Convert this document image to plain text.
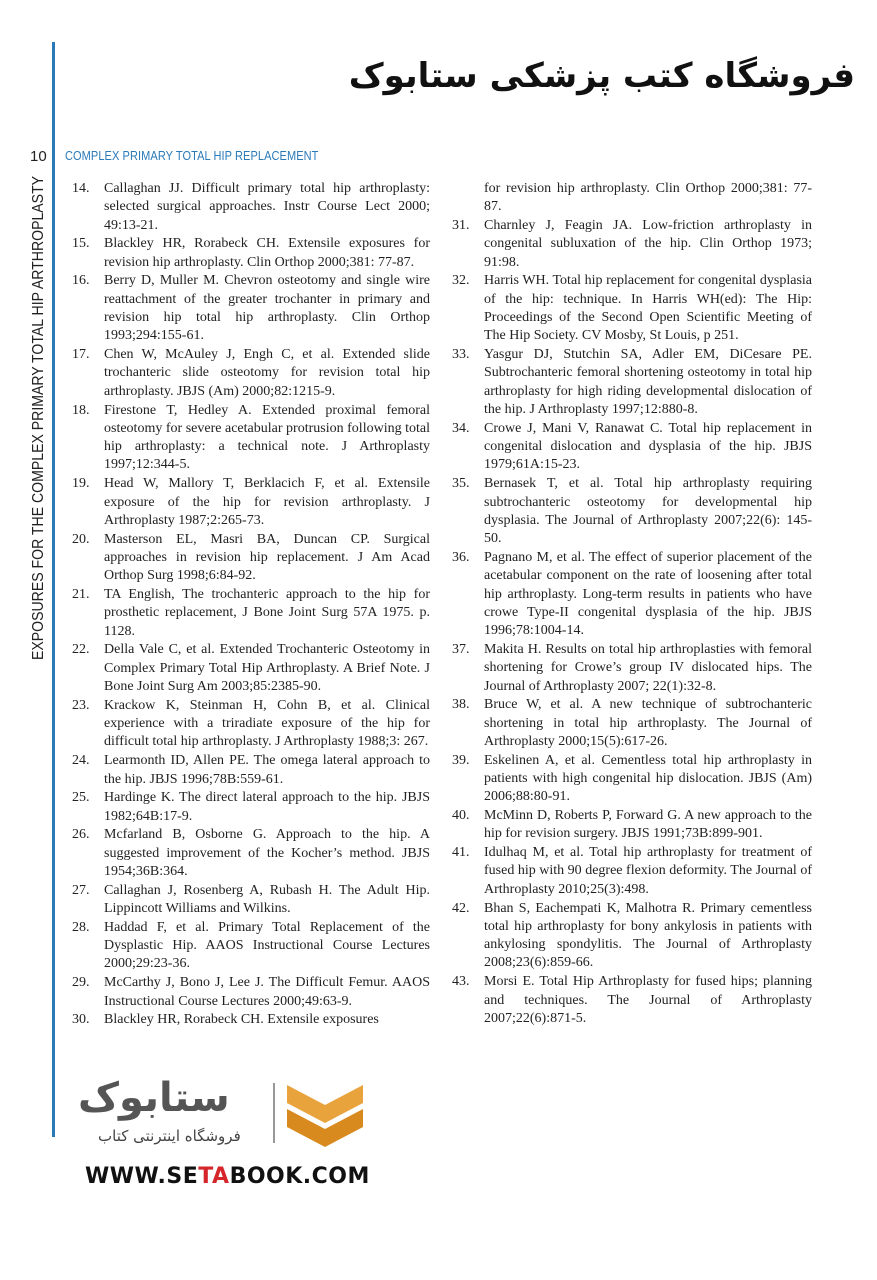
فروشگاه کتب پزشکی ستابوک
10	COMPLEX PRIMARY TOTAL HIP REPLACEMENT
EXPOSURES FOR THE COMPLEX PRIMARY TOTAL HIP ARTHROPLASTY 14.	Callaghan JJ. Difficult primary total hip arthroplasty: selected surgical approaches. Instr Course Lect 2000; 49:13-21.
15.	Blackley HR, Rorabeck CH. Extensile exposures for revision hip arthroplasty. Clin Orthop 2000;381: 77-87.
16.	Berry D, Muller M. Chevron osteotomy and single wire reattachment of the greater trochanter in primary and revision hip total hip arthroplasty. Clin Orthop 1993;294:155-61.
17.	Chen W, McAuley J, Engh C, et al. Extended slide trochanteric slide osteotomy for revision total hip arthroplasty. JBJS (Am) 2000;82:1215-9.
18.	Firestone T, Hedley A. Extended proximal femoral osteotomy for severe acetabular protrusion following total hip arthroplasty: a technical note. J Arthroplasty 1997;12:344-5.
19.	Head W, Mallory T, Berklacich F, et al. Extensile exposure of the hip for revision arthroplasty. J Arthroplasty 1987;2:265-73.
20.	Masterson EL, Masri BA, Duncan CP. Surgical approaches in revision hip replacement. J Am Acad Orthop Surg 1998;6:84-92.
21.	TA English, The trochanteric approach to the hip for prosthetic replacement, J Bone Joint Surg 57A 1975. p. 1128.
22.	Della Vale C, et al. Extended Trochanteric Osteotomy in Complex Primary Total Hip Arthroplasty. A Brief Note. J Bone Joint Surg Am 2003;85:2385-90.
23.	Krackow K, Steinman H, Cohn B, et al. Clinical experience with a triradiate exposure of the hip for difficult total hip arthroplasty. J Arthroplasty 1988;3: 267.
24.	Learmonth ID, Allen PE. The omega lateral approach to the hip. JBJS 1996;78B:559-61.
25.	Hardinge K. The direct lateral approach to the hip. JBJS 1982;64B:17-9.
26.	Mcfarland B, Osborne G. Approach to the hip. A suggested improvement of the Kocher’s method. JBJS 1954;36B:364.
27.	Callaghan J, Rosenberg A, Rubash H. The Adult Hip. Lippincott Williams and Wilkins.
28.	Haddad F, et al. Primary Total Replacement of the Dysplastic Hip. AAOS Instructional Course Lectures 2000;29:23-36.
29.	McCarthy J, Bono J, Lee J. The Difficult Femur. AAOS Instructional Course Lectures 2000;49:63-9.
30.	Blackley HR, Rorabeck CH. Extensile exposures
for revision hip arthroplasty. Clin Orthop 2000;381: 77-87.
31.	Charnley J, Feagin JA. Low-friction arthroplasty in congenital subluxation of the hip. Clin Orthop 1973; 91:98.
32.	Harris WH. Total hip replacement for congenital dysplasia of the hip: technique. In Harris WH(ed): The Hip: Proceedings of the Second Open Scientific Meeting of The Hip Society. CV Mosby, St Louis, p 251.
33.	Yasgur DJ, Stutchin SA, Adler EM, DiCesare PE. Subtrochanteric femoral shortening osteotomy in total hip arthroplasty for high riding developmental dislocation of the hip. J Arthroplasty 1997;12:880-8.
34.	Crowe J, Mani V, Ranawat C. Total hip replacement in congenital dislocation and dysplasia of the hip. JBJS 1979;61A:15-23.
35.	Bernasek T, et al. Total hip arthroplasty requiring subtrochanteric osteotomy for developmental hip dysplasia. The Journal of Arthroplasty 2007;22(6): 145-50.
36.	Pagnano M, et al. The effect of superior placement of the acetabular component on the rate of loosening after total hip arthroplasty. Long-term results in patients who have crowe Type-II congenital dysplasia of the hip. JBJS 1996;78:1004-14.
37.	Makita H. Results on total hip arthroplasties with femoral shortening for Crowe’s group IV dislocated hips. The Journal of Arthroplasty 2007; 22(1):32-8.
38.	Bruce W, et al. A new technique of subtrochanteric shortening in total hip arthroplasty. The Journal of Arthroplasty 2000;15(5):617-26.
39.	Eskelinen A, et al. Cementless total hip arthroplasty in patients with high congenital hip dislocation. JBJS (Am) 2006;88:80-91.
40.	McMinn D, Roberts P, Forward G. A new approach to the hip for revision surgery. JBJS 1991;73B:899-901.
41.	Idulhaq M, et al. Total hip arthroplasty for treatment of fused hip with 90 degree flexion deformity. The Journal of Arthroplasty 2010;25(3):498.
42.	Bhan S, Eachempati K, Malhotra R. Primary cementless total hip arthroplasty for bony ankylosis in patients with ankylosing spondylitis. The Journal of Arthroplasty 2008;23(6):859-66.
43.	Morsi E. Total Hip Arthroplasty for fused hips; planning and techniques. The Journal of Arthroplasty 2007;22(6):871-5.
ستابوک
فروشگاه اینترنتی کتاب
WWW.SETABOOK.COM
